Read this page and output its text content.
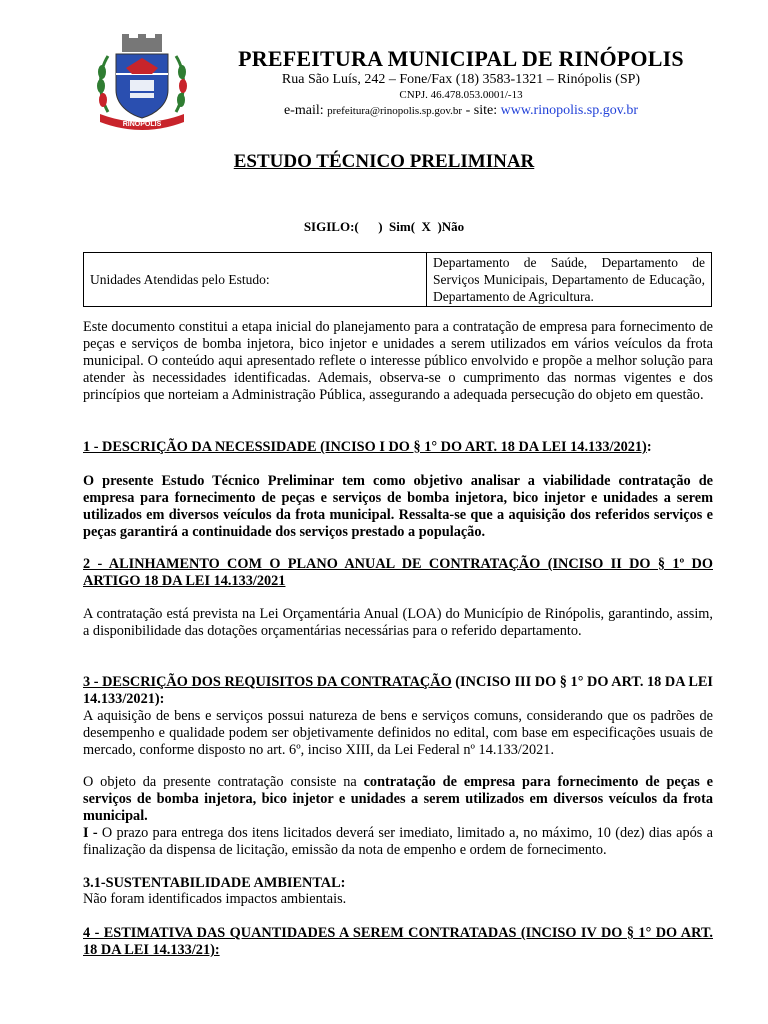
RINÓPOLIS
PREFEITURA MUNICIPAL DE RINÓPOLIS
Rua São Luís, 242 – Fone/Fax (18) 3583-1321 – Rinópolis (SP)
CNPJ. 46.478.053.0001/-13
e-mail: prefeitura@rinopolis.sp.gov.br - site: www.rinopolis.sp.gov.br
ESTUDO TÉCNICO PRELIMINAR
SIGILO:(      )  Sim(  X  )Não
Unidades Atendidas pelo Estudo:	Departamento de Saúde, Departamento de Serviços Municipais, Departamento de Educação, Departamento de Agricultura.
Este documento constitui a etapa inicial do planejamento para a contratação de empresa para fornecimento de peças e serviços de bomba injetora, bico injetor e unidades a serem utilizados em vários veículos da frota municipal. O conteúdo aqui apresentado reflete o interesse público envolvido e propõe a melhor solução para atender às necessidades identificadas. Ademais, observa-se o cumprimento das normas vigentes e dos princípios que norteiam a Administração Pública, assegurando a adequada persecução do objeto em questão.
1 - DESCRIÇÃO DA NECESSIDADE (INCISO I DO § 1° DO ART. 18 DA LEI 14.133/2021):
O presente Estudo Técnico Preliminar tem como objetivo analisar a viabilidade contratação de empresa para fornecimento de peças e serviços de bomba injetora, bico injetor e unidades a serem utilizados em diversos veículos da frota municipal. Ressalta-se que a aquisição dos referidos serviços e peças garantirá a continuidade dos serviços prestado a população.
2 - ALINHAMENTO COM O PLANO ANUAL DE CONTRATAÇÃO (INCISO II DO § 1º DO ARTIGO 18 DA LEI 14.133/2021
A contratação está prevista na Lei Orçamentária Anual (LOA) do Município de Rinópolis, garantindo, assim, a disponibilidade das dotações orçamentárias necessárias para o referido departamento.
3 - DESCRIÇÃO DOS REQUISITOS DA CONTRATAÇÃO (INCISO III DO § 1° DO ART. 18 DA LEI 14.133/2021):
A aquisição de bens e serviços possui natureza de bens e serviços comuns, considerando que os padrões de desempenho e qualidade podem ser objetivamente definidos no edital, com base em especificações usuais de mercado, conforme disposto no art. 6º, inciso XIII, da Lei Federal nº 14.133/2021.
O objeto da presente contratação consiste na contratação de empresa para fornecimento de peças e serviços de bomba injetora, bico injetor e unidades a serem utilizados em diversos veículos da frota municipal.
I - O prazo para entrega dos itens licitados deverá ser imediato, limitado a, no máximo, 10 (dez) dias após a finalização da dispensa de licitação, emissão da nota de empenho e ordem de fornecimento.
3.1-SUSTENTABILIDADE AMBIENTAL:
Não foram identificados impactos ambientais.
4 - ESTIMATIVA DAS QUANTIDADES A SEREM CONTRATADAS (INCISO IV DO § 1° DO ART. 18 DA LEI 14.133/21):
